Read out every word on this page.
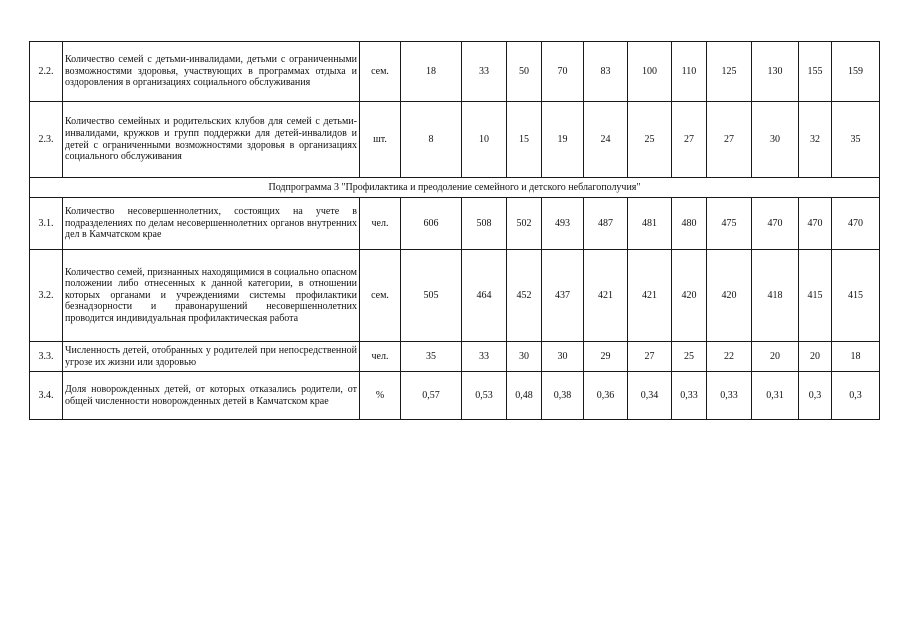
2.2.	Количество семей с детьми-инвалидами, детьми с ограниченными возможностями здоровья, участвующих в программах отдыха и оздоровления в организациях социального обслуживания	сем.	18	33	50	70	83	100	110	125	130	155	159
2.3.	Количество семейных и родительских клубов для семей с детьми-инвалидами, кружков и групп поддержки для детей-инвалидов и детей с ограниченными возможностями здоровья в организациях социального обслуживания	шт.	8	10	15	19	24	25	27	27	30	32	35
Подпрограмма 3 "Профилактика и преодоление семейного и детского неблагополучия"													
3.1.	Количество несовершеннолетних, состоящих на учете в подразделениях по делам несовершеннолетних органов внутренних дел в Камчатском крае	чел.	606	508	502	493	487	481	480	475	470	470	470
3.2.	Количество семей, признанных находящимися в социально опасном положении либо отнесенных к данной категории, в отношении которых органами и учреждениями системы профилактики безнадзорности и правонарушений несовершеннолетних проводится индивидуальная профилактическая работа	сем.	505	464	452	437	421	421	420	420	418	415	415
3.3.	Численность детей, отобранных у родителей при непосредственной угрозе их жизни или здоровью	чел.	35	33	30	30	29	27	25	22	20	20	18
3.4.	Доля новорожденных детей, от которых отказались родители, от общей численности новорожденных детей в Камчатском крае	%	0,57	0,53	0,48	0,38	0,36	0,34	0,33	0,33	0,31	0,3	0,3
